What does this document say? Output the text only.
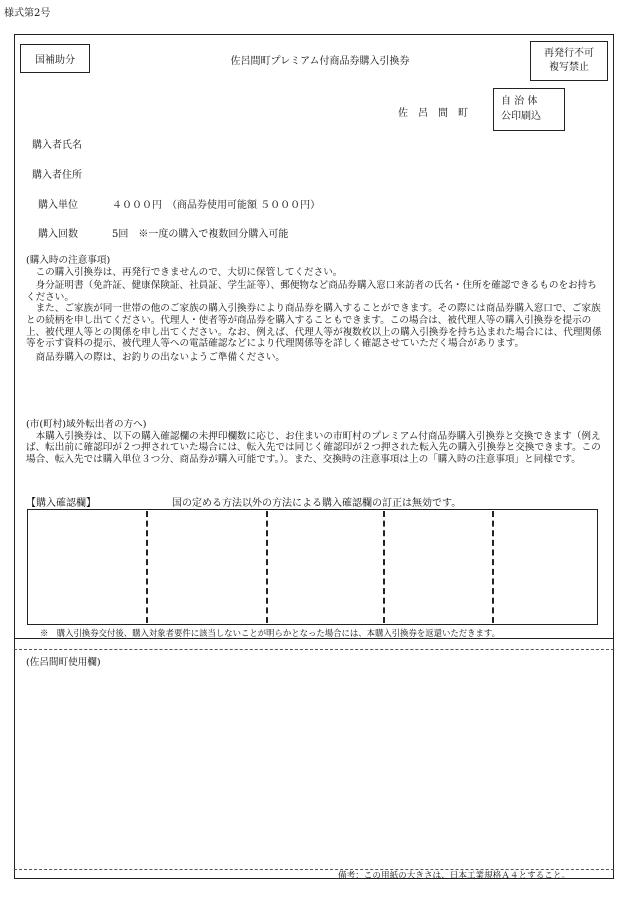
様式第2号
国補助分	佐呂間町プレミアム付商品券購入引換券
再発行不可
複写禁止
佐　呂　間　町
自 治 体
公印刷込
購入者氏名
購入者住所
購入単位	４０００円　（商品券使用可能額 ５０００円）
購入回数	5回　※一度の購入で複数回分購入可能
(購入時の注意事項)
この購入引換券は、再発行できませんので、大切に保管してください。
身分証明書（免許証、健康保険証、社員証、学生証等）、郵便物など商品券購入窓口来訪者の氏名・住所を確認できるものをお持ちください。
また、ご家族が同一世帯の他のご家族の購入引換券により商品券を購入することができます。その際には商品券購入窓口で、ご家族との続柄を申し出てください。代理人・使者等が商品券を購入することもできます。この場合は、被代理人等の購入引換券を提示の上、被代理人等との関係を申し出てください。なお、例えば、代理人等が複数枚以上の購入引換券を持ち込まれた場合には、代理関係等を示す資料の提示、被代理人等への電話確認などにより代理関係等を詳しく確認させていただく場合があります。
商品券購入の際は、お釣りの出ないようご準備ください。
(市(町村)域外転出者の方へ)
本購入引換券は、以下の購入確認欄の未押印欄数に応じ、お住まいの市町村のプレミアム付商品券購入引換券と交換できます（例えば、転出前に確認印が２つ押されていた場合には、転入先では同じく確認印が２つ押された転入先の購入引換券と交換できます。この場合、転入先では購入単位３つ分、商品券が購入可能です。）。また、交換時の注意事項は上の「購入時の注意事項」と同様です。
【購入確認欄】	国の定める方法以外の方法による購入確認欄の訂正は無効です。
※　購入引換券交付後、購入対象者要件に該当しないことが明らかとなった場合には、本購入引換券を返還いただきます。
(佐呂間町使用欄)
備考：この用紙の大きさは、日本工業規格Ａ４とすること。
